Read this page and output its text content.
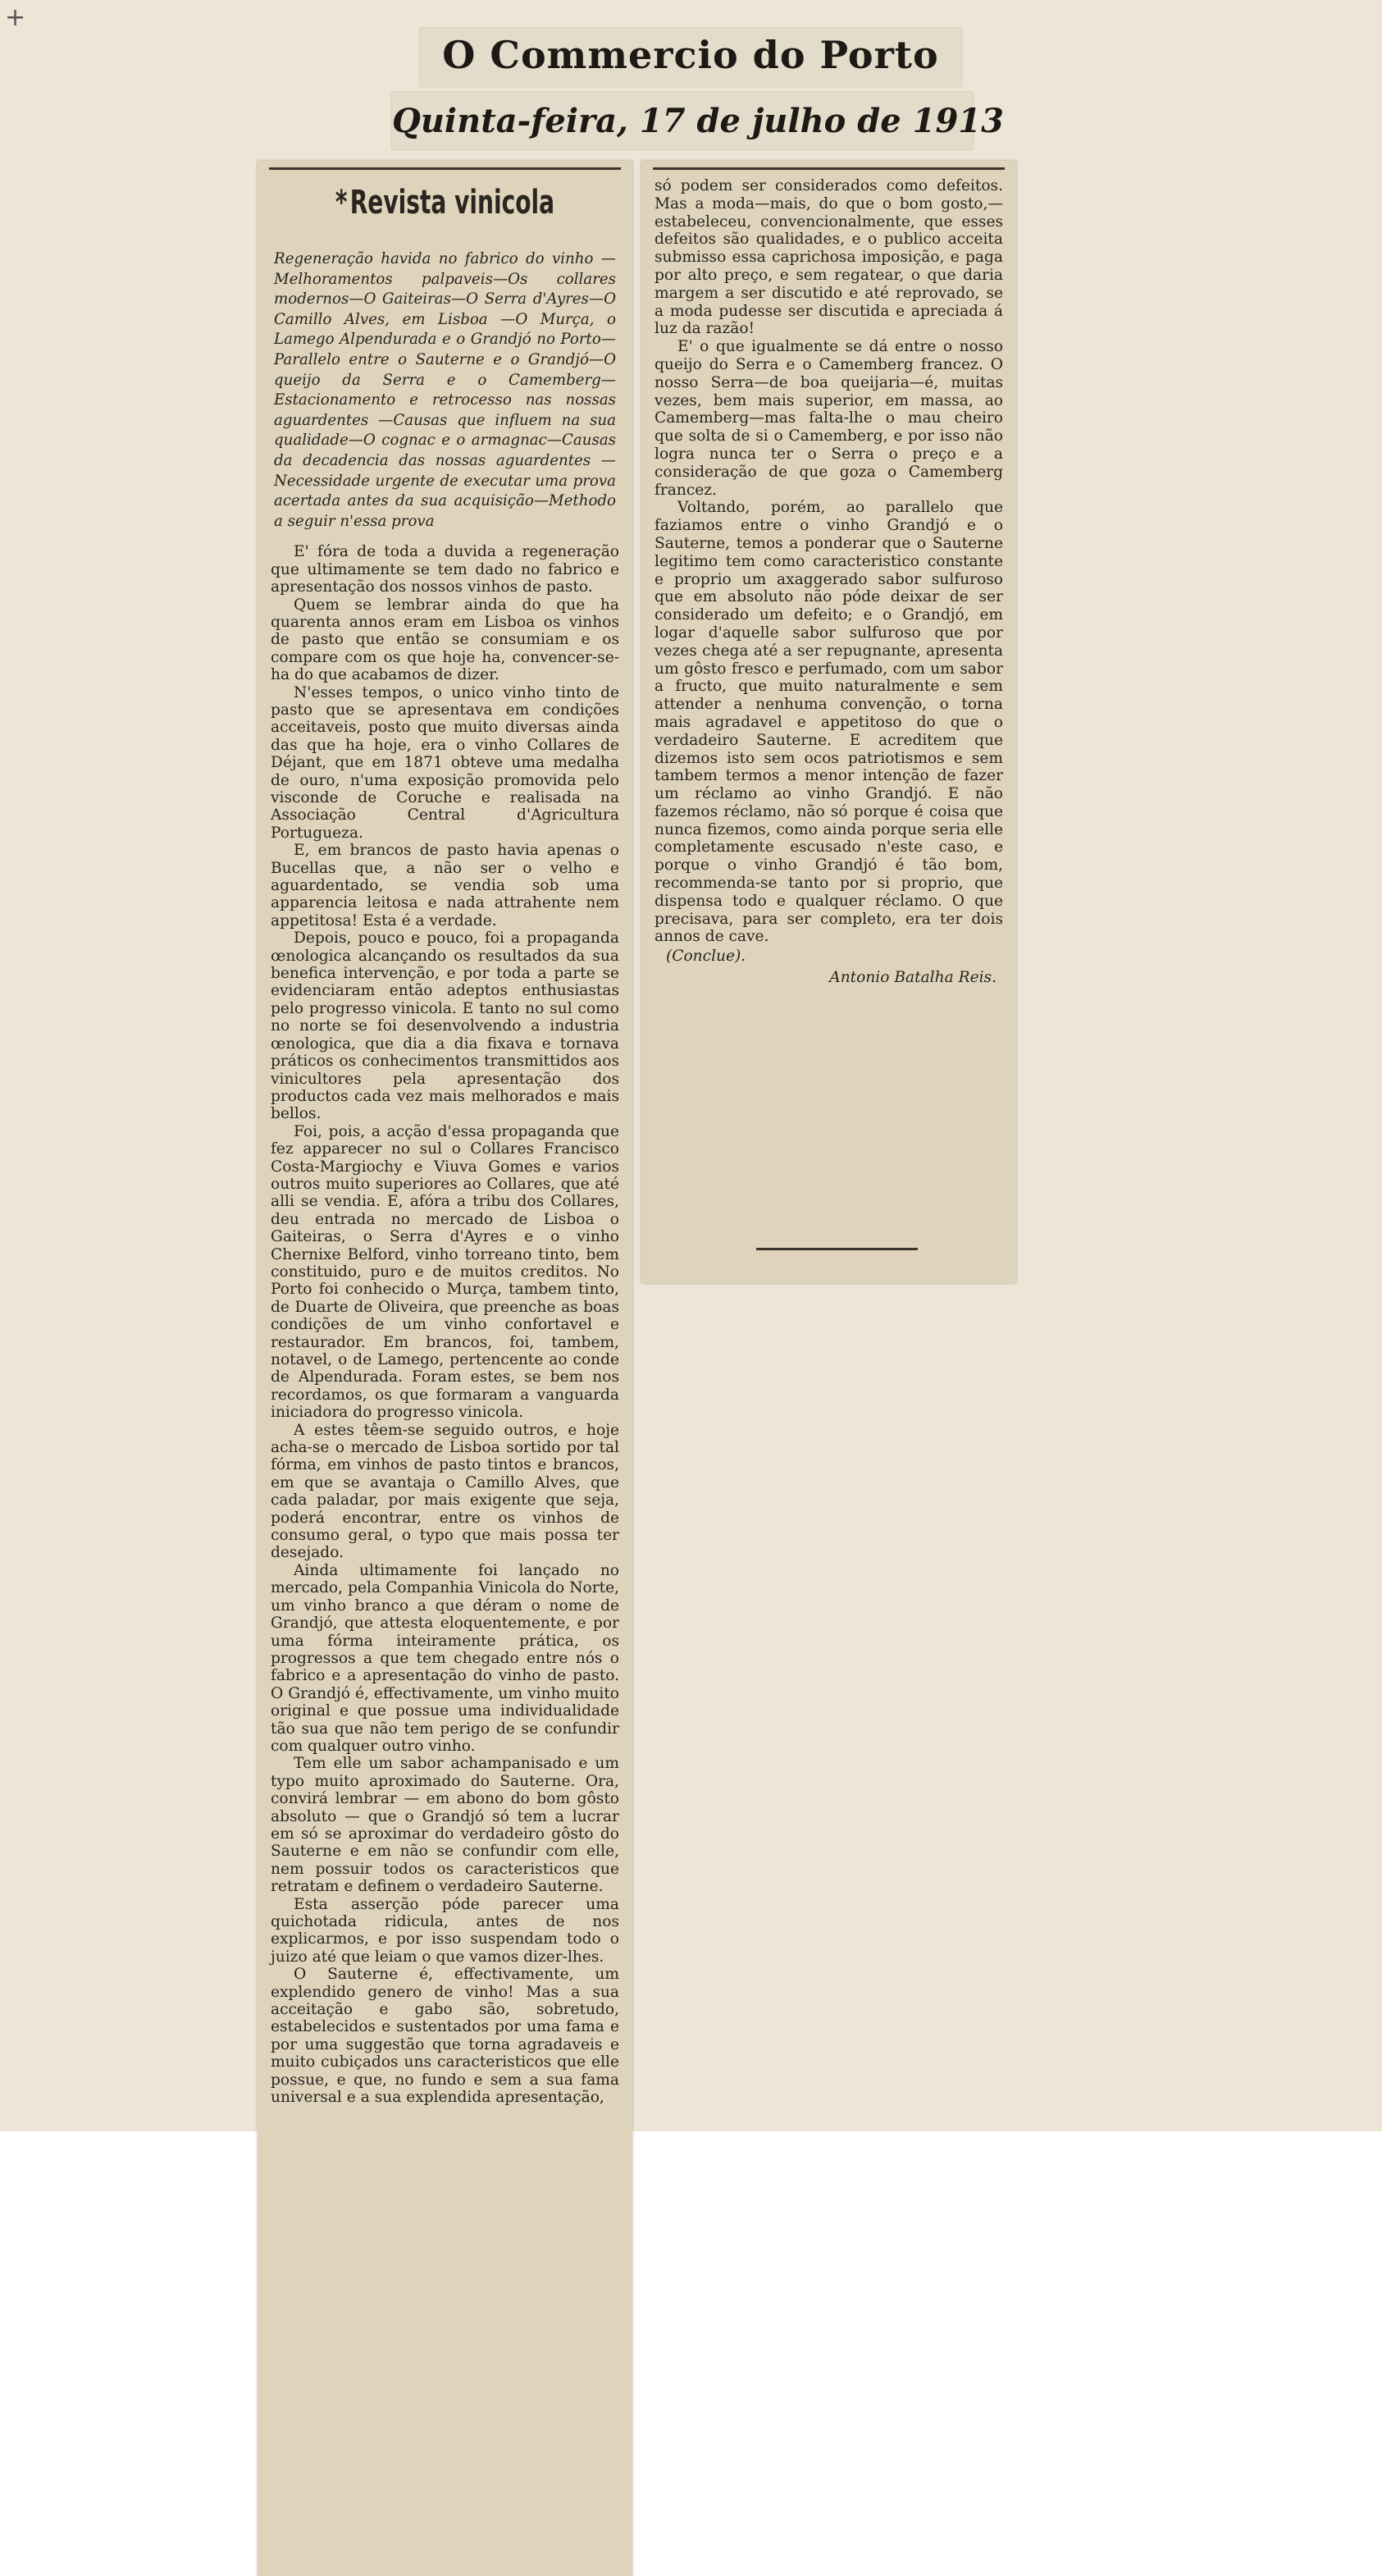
+
O Commercio do Porto
Quinta-feira, 17 de julho de 1913

só podem ser considerados como defeitos. Mas a moda—mais, do que o bom gosto,—estabeleceu, convencionalmente, que esses defeitos são qualidades, e o publico acceita submisso essa caprichosa imposição, e paga por alto preço, e sem regatear, o que daria margem a ser discutido e até reprovado, se a moda pudesse ser discutida e apreciada á luz da razão!

E' o que igualmente se dá entre o nosso queijo do Serra e o Camemberg francez. O nosso Serra—de boa queijaria—é, muitas vezes, bem mais superior, em massa, ao Camemberg—mas falta-lhe o mau cheiro que solta de si o Camemberg, e por isso não logra nunca ter o Serra o preço e a consideração de que goza o Camemberg francez.

Voltando, porém, ao parallelo que faziamos entre o vinho Grandjó e o Sauterne, temos a ponderar que o Sauterne legitimo tem como caracteristico constante e proprio um axaggerado sabor sulfuroso que em absoluto não póde deixar de ser considerado um defeito; e o Grandjó, em logar d'aquelle sabor sulfuroso que por vezes chega até a ser repugnante, apresenta um gôsto fresco e perfumado, com um sabor a fructo, que muito naturalmente e sem attender a nenhuma convenção, o torna mais agradavel e appetitoso do que o verdadeiro Sauterne. E acreditem que dizemos isto sem ocos patriotismos e sem tambem termos a menor intenção de fazer um réclamo ao vinho Grandjó. E não fazemos réclamo, não só porque é coisa que nunca fizemos, como ainda porque seria elle completamente escusado n'este caso, e porque o vinho Grandjó é tão bom, recommenda-se tanto por si proprio, que dispensa todo e qualquer réclamo. O que precisava, para ser completo, era ter dois annos de cave.

(Conclue).

Antonio Batalha Reis.

*Revista vinicola

Regeneração havida no fabrico do vinho —Melhoramentos palpaveis—Os collares modernos—O Gaiteiras—O Serra d'Ayres—O Camillo Alves, em Lisboa —O Murça, o Lamego Alpendurada e o Grandjó no Porto—Parallelo entre o Sauterne e o Grandjó—O queijo da Serra e o Camemberg—Estacionamento e retrocesso nas nossas aguardentes —Causas que influem na sua qualidade—O cognac e o armagnac—Causas da decadencia das nossas aguardentes —Necessidade urgente de executar uma prova acertada antes da sua acquisição—Methodo a seguir n'essa prova

E' fóra de toda a duvida a regeneração que ultimamente se tem dado no fabrico e apresentação dos nossos vinhos de pasto.

Quem se lembrar ainda do que ha quarenta annos eram em Lisboa os vinhos de pasto que então se consumiam e os compare com os que hoje ha, convencer-se-ha do que acabamos de dizer.

N'esses tempos, o unico vinho tinto de pasto que se apresentava em condições acceitaveis, posto que muito diversas ainda das que ha hoje, era o vinho Collares de Déjant, que em 1871 obteve uma medalha de ouro, n'uma exposição promovida pelo visconde de Coruche e realisada na Associação Central d'Agricultura Portugueza.

E, em brancos de pasto havia apenas o Bucellas que, a não ser o velho e aguardentado, se vendia sob uma apparencia leitosa e nada attrahente nem appetitosa! Esta é a verdade.

Depois, pouco e pouco, foi a propaganda œnologica alcançando os resultados da sua benefica intervenção, e por toda a parte se evidenciaram então adeptos enthusiastas pelo progresso vinicola. E tanto no sul como no norte se foi desenvolvendo a industria œnologica, que dia a dia fixava e tornava práticos os conhecimentos transmittidos aos vinicultores pela apresentação dos productos cada vez mais melhorados e mais bellos.

Foi, pois, a acção d'essa propaganda que fez apparecer no sul o Collares Francisco Costa-Margiochy e Viuva Gomes e varios outros muito superiores ao Collares, que até alli se vendia. E, afóra a tribu dos Collares, deu entrada no mercado de Lisboa o Gaiteiras, o Serra d'Ayres e o vinho Chernixe Belford, vinho torreano tinto, bem constituido, puro e de muitos creditos. No Porto foi conhecido o Murça, tambem tinto, de Duarte de Oliveira, que preenche as boas condições de um vinho confortavel e restaurador. Em brancos, foi, tambem, notavel, o de Lamego, pertencente ao conde de Alpendurada. Foram estes, se bem nos recordamos, os que formaram a vanguarda iniciadora do progresso vinicola.

A estes têem-se seguido outros, e hoje acha-se o mercado de Lisboa sortido por tal fórma, em vinhos de pasto tintos e brancos, em que se avantaja o Camillo Alves, que cada paladar, por mais exigente que seja, poderá encontrar, entre os vinhos de consumo geral, o typo que mais possa ter desejado.

Ainda ultimamente foi lançado no mercado, pela Companhia Vinicola do Norte, um vinho branco a que déram o nome de Grandjó, que attesta eloquentemente, e por uma fórma inteiramente prática, os progressos a que tem chegado entre nós o fabrico e a apresentação do vinho de pasto. O Grandjó é, effectivamente, um vinho muito original e que possue uma individualidade tão sua que não tem perigo de se confundir com qualquer outro vinho.

Tem elle um sabor achampanisado e um typo muito aproximado do Sauterne. Ora, convirá lembrar — em abono do bom gôsto absoluto — que o Grandjó só tem a lucrar em só se aproximar do verdadeiro gôsto do Sauterne e em não se confundir com elle, nem possuir todos os caracteristicos que retratam e definem o verdadeiro Sauterne.

Esta asserção póde parecer uma quichotada ridicula, antes de nos explicarmos, e por isso suspendam todo o juizo até que leiam o que vamos dizer-lhes.

O Sauterne é, effectivamente, um explendido genero de vinho! Mas a sua acceitação e gabo são, sobretudo, estabelecidos e sustentados por uma fama e por uma suggestão que torna agradaveis e muito cubiçados uns caracteristicos que elle possue, e que, no fundo e sem a sua fama universal e a sua explendida apresentação,
